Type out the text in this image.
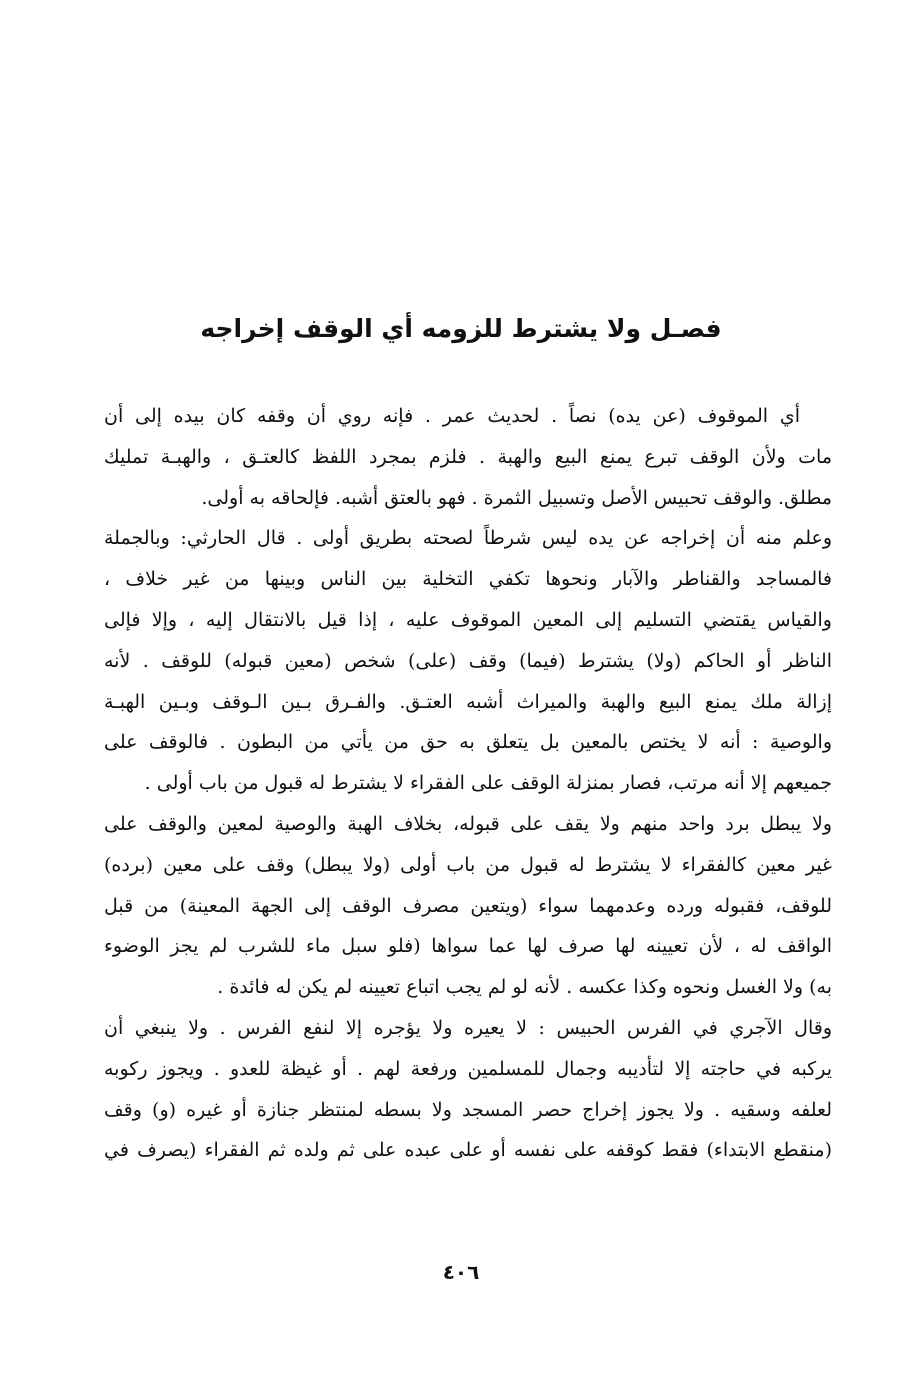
فصـل ولا يشترط للزومه أي الوقف إخراجه
أي الموقوف (عن يده) نصاً . لحديث عمر . فإنه روي أن وقفه كان بيده إلى أن
مات ولأن الوقف تبرع يمنع البيع والهبة . فلزم بمجرد اللفظ كالعتـق ، والهبـة تمليك
مطلق. والوقف تحبيس الأصل وتسبيل الثمرة . فهو بالعتق أشبه. فإلحاقه به أولى.
وعلم منه أن إخراجه عن يده ليس شرطاً لصحته بطريق أولى . قال الحارثي: وبالجملة
فالمساجد والقناطر والآبار ونحوها تكفي التخلية بين الناس وبينها من غير خلاف ،
والقياس يقتضي التسليم إلى المعين الموقوف عليه ، إذا قيل بالانتقال إليه ، وإلا فإلى
الناظر أو الحاكم (ولا) يشترط (فيما) وقف (على) شخص (معين قبوله) للوقف . لأنه
إزالة ملك يمنع البيع والهبة والميراث أشبه العتـق. والفـرق بـين الـوقف وبـين الهبـة
والوصية : أنه لا يختص بالمعين بل يتعلق به حق من يأتي من البطون . فالوقف على
جميعهم إلا أنه مرتب، فصار بمنزلة الوقف على الفقراء لا يشترط له قبول من باب أولى .
ولا يبطل برد واحد منهم ولا يقف على قبوله، بخلاف الهبة والوصية لمعين والوقف على
غير معين كالفقراء لا يشترط له قبول من باب أولى (ولا يبطل) وقف على معين (برده)
للوقف، فقبوله ورده وعدمهما سواء (ويتعين مصرف الوقف إلى الجهة المعينة) من قبل
الواقف له ، لأن تعيينه لها صرف لها عما سواها (فلو سبل ماء للشرب لم يجز الوضوء
به) ولا الغسل ونحوه وكذا عكسه . لأنه لو لم يجب اتباع تعيينه لم يكن له فائدة .
وقال الآجري في الفرس الحبيس : لا يعيره ولا يؤجره إلا لنفع الفرس . ولا ينبغي أن
يركبه في حاجته إلا لتأديبه وجمال للمسلمين ورفعة لهم . أو غيظة للعدو . ويجوز ركوبه
لعلفه وسقيه . ولا يجوز إخراج حصر المسجد ولا بسطه لمنتظر جنازة أو غيره (و) وقف
(منقطع الابتداء) فقط كوقفه على نفسه أو على عبده على ثم ولده ثم الفقراء (يصرف في
٤٠٦
